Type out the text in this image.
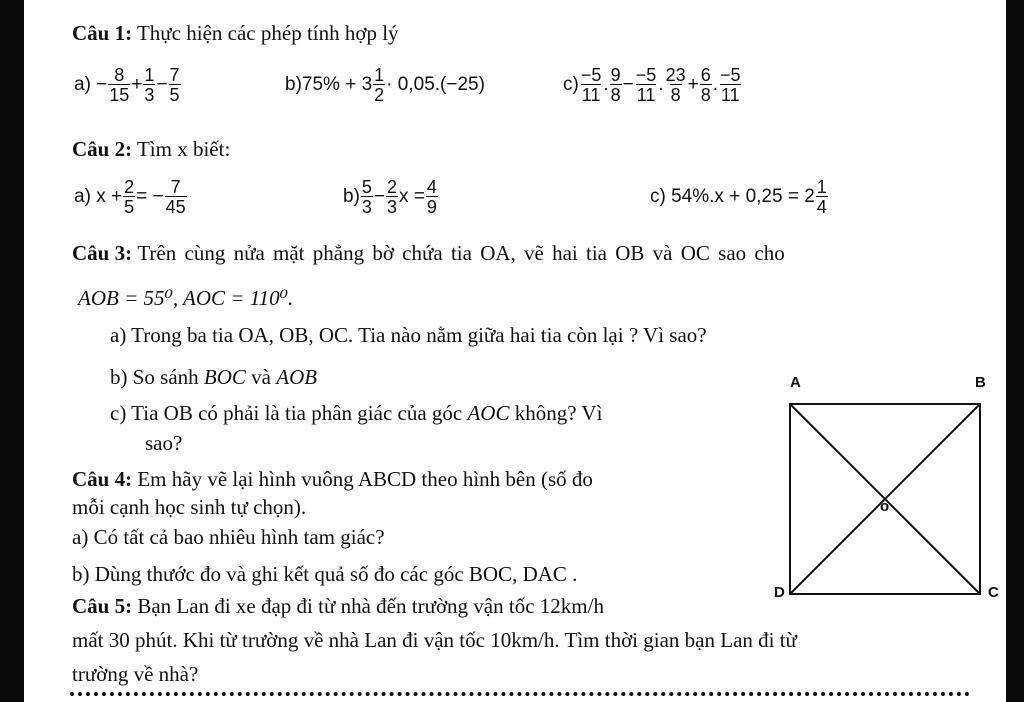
Câu 1: Thực hiện các phép tính hợp lý
$a) - \frac{8}{15} + \frac{1}{3} - \frac{7}{5}$	$b)75\% + 3 \frac{1}{2} \cdot 0,05.(-25)$	$c) \frac{-5}{11}$ . $\frac{9}{8} - \frac{-5}{11}$ . $\frac{23}{8} + \frac{6}{8}$ . $\frac{-5}{11}$
Câu 2: Tìm x biết:
a) $x + \frac{2}{5}$ = − $\frac{7}{45}$	$b) \frac{5}{3} - \frac{2}{3}$ $x = \frac{4}{9}$	c) $54\%.x + 0,25 = 2 \frac{1}{4}$
Câu 3: Trên cùng nửa mặt phẳng bờ chứa tia OA, vẽ hai tia OB và OC sao cho
AOB = 55⁰, AOC = 110⁰.
a) Trong ba tia OA, OB, OC. Tia nào nằm giữa hai tia còn lại ? Vì sao?
b) So sánh BOC và AOB
c) Tia OB có phải là tia phân giác của góc AOC không? Vì
sao?
Câu 4: Em hãy vẽ lại hình vuông ABCD theo hình bên (số đo
mỗi cạnh học sinh tự chọn).
a) Có tất cả bao nhiêu hình tam giác?
b) Dùng thước đo và ghi kết quả số đo các góc BOC, DAC .
Câu 5: Bạn Lan đi xe đạp đi từ nhà đến trường vận tốc 12km/h
mất 30 phút. Khi từ trường về nhà Lan đi vận tốc 10km/h. Tìm thời gian bạn Lan đi từ
trường về nhà?
A	B
C
D
o
